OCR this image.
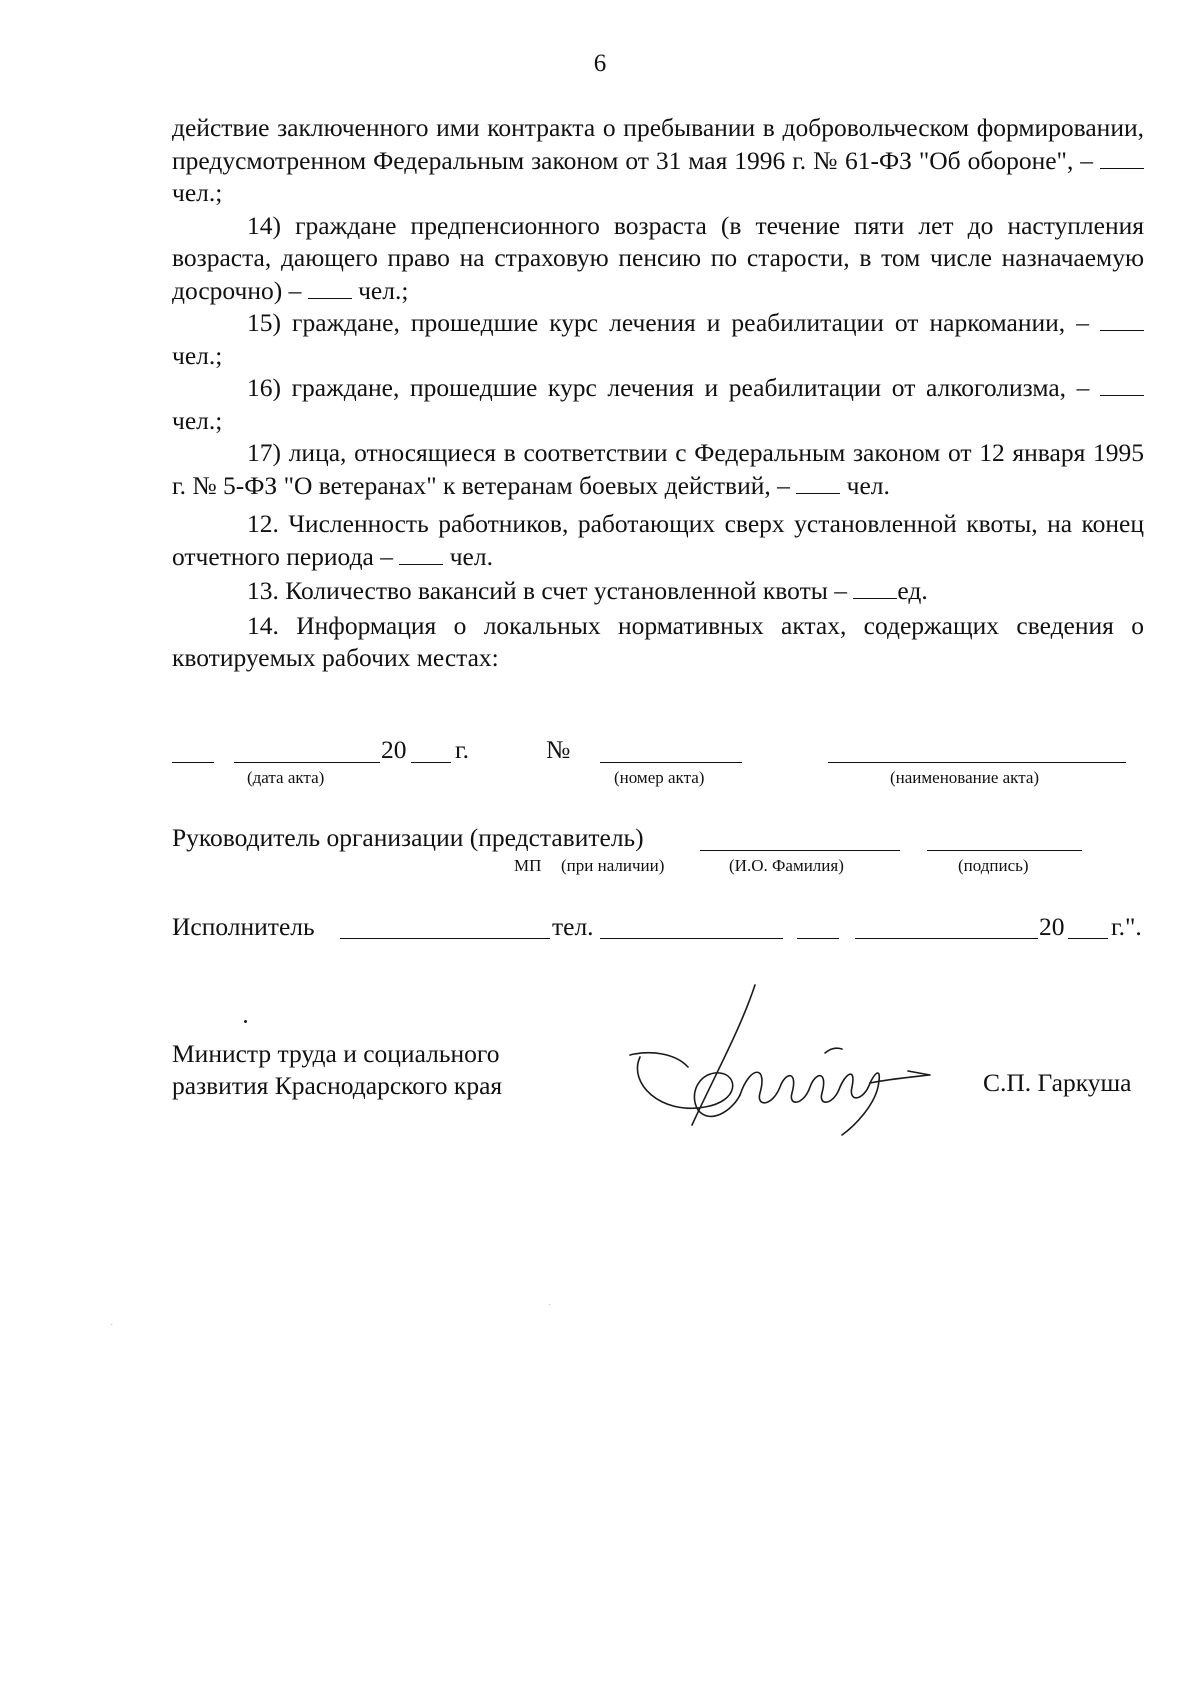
6

действие заключенного ими контракта о пребывании в добровольческом формировании, предусмотренном Федеральным законом от 31 мая 1996 г. № 61-ФЗ "Об обороне", –  чел.;

14) граждане предпенсионного возраста (в течение пяти лет до наступления возраста, дающего право на страховую пенсию по старости, в том числе назначаемую досрочно) – чел.;

15) граждане, прошедшие курс лечения и реабилитации от наркомании, –  чел.;

16) граждане, прошедшие курс лечения и реабилитации от алкоголизма, –  чел.;

17) лица, относящиеся в соответствии с Федеральным законом от 12 января 1995 г. № 5-ФЗ "О ветеранах" к ветеранам боевых действий, – чел.

12. Численность работников, работающих сверх установленной квоты, на конец отчетного периода – чел.

13. Количество вакансий в счет установленной квоты – ед.

14. Информация о локальных нормативных актах, содержащих сведения о квотируемых рабочих местах:

20 г.	№
(дата акта)	(номер акта)	(наименование акта)
Руководитель организации (представитель)
МП (при наличии)	(И.О. Фамилия)	(подпись)
Исполнитель	тел.	20 г.".
Министр труда и социального
развития Краснодарского края	С.П. Гаркуша
·
·
